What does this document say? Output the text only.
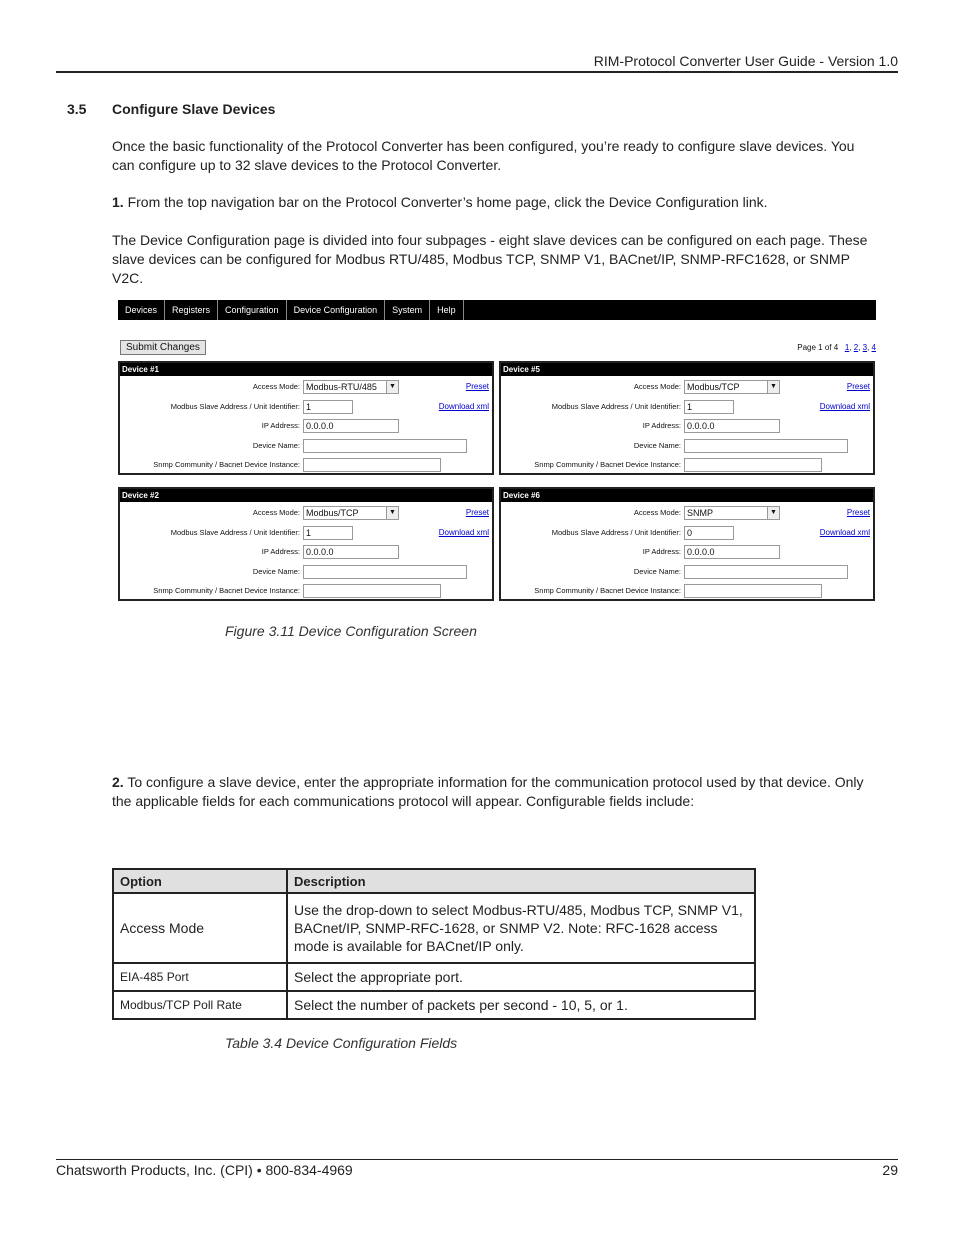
RIM-Protocol Converter User Guide - Version 1.0
3.5 Configure Slave Devices
Once the basic functionality of the Protocol Converter has been configured, you’re ready to configure slave devices. You can configure up to 32 slave devices to the Protocol Converter.
1. From the top navigation bar on the Protocol Converter’s home page, click the Device Configuration link.
The Device Configuration page is divided into four subpages - eight slave devices can be configured on each page. These slave devices can be configured for Modbus RTU/485, Modbus TCP, SNMP V1, BACnet/IP, SNMP-RFC1628, or SNMP V2C.
Devices	Registers	Configuration	Device Configuration	System	Help
Submit Changes	Page 1 of 4 1, 2, 3, 4
Device #1
Access Mode: Modbus-RTU/485	▼	Preset
Modbus Slave Address / Unit Identifier: 1	Download xml
IP Address: 0.0.0.0
Device Name:
Snmp Community / Bacnet Device Instance:
Device #5
Access Mode: Modbus/TCP	▼	Preset
Modbus Slave Address / Unit Identifier: 1	Download xml
IP Address: 0.0.0.0
Device Name:
Snmp Community / Bacnet Device Instance:
Device #2
Access Mode: Modbus/TCP	▼	Preset
Modbus Slave Address / Unit Identifier: 1	Download xml
IP Address: 0.0.0.0
Device Name:
Snmp Community / Bacnet Device Instance:
Device #6
Access Mode: SNMP	▼	Preset
Modbus Slave Address / Unit Identifier: 0	Download xml
IP Address: 0.0.0.0
Device Name:
Snmp Community / Bacnet Device Instance:
Figure 3.11 Device Configuration Screen
2. To configure a slave device, enter the appropriate information for the communication protocol used by that device. Only the applicable fields for each communications protocol will appear. Configurable fields include:
Option	Description
Access Mode	Use the drop-down to select Modbus-RTU/485, Modbus TCP, SNMP V1, BACnet/IP, SNMP-RFC-1628, or SNMP V2. Note: RFC-1628 access mode is available for BACnet/IP only.
EIA-485 Port	Select the appropriate port.
Modbus/TCP Poll Rate	Select the number of packets per second - 10, 5, or 1.
Table 3.4 Device Configuration Fields
Chatsworth Products, Inc. (CPI) • 800-834-4969	29
